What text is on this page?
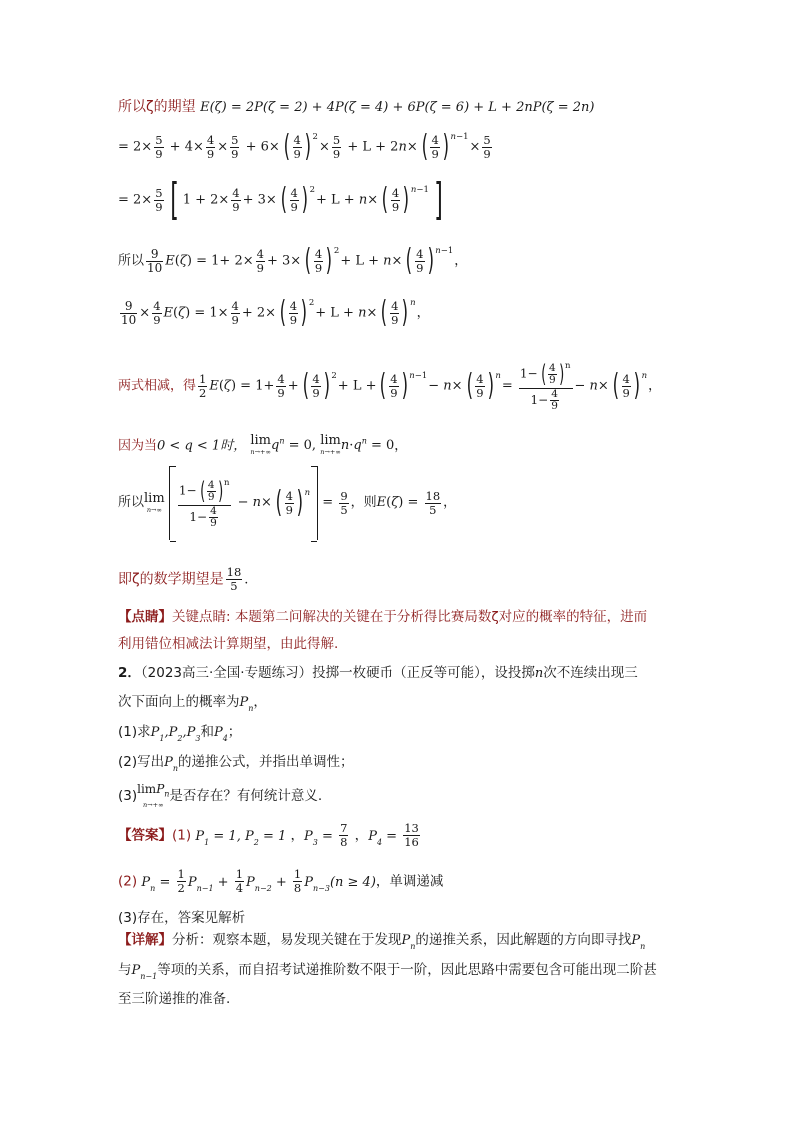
所以ζ的期望 E(ζ) = 2P(ζ = 2) + 4P(ζ = 4) + 6P(ζ = 6) + L + 2nP(ζ = 2n)
= $2\times \frac{5}{9} + 4\times \frac{4}{9} \times \frac{5}{9} + 6\times$ ( $\frac{4}{9}$ ) $^2\times \frac{5}{9} + L + 2n\times$ ( $\frac{4}{9}$ ) $^{n-1}\times \frac{5}{9}$
= $2\times \frac{5}{9}$ [ $1 + 2\times \frac{4}{9} + 3\times$ ( $\frac{4}{9}$ ) $^2$+ L + n× ( $\frac{4}{9}$ ) $^{n-1}$ ]
所以 $\frac{9}{10} E(\zeta) = 1+ 2\times \frac{4}{9} + 3\times$ ( $\frac{4}{9}$ ) $^2$+ L + n× ( $\frac{4}{9}$ ) $^{n-1}$，
$\frac{9}{10} \times \frac{4}{9} E(\zeta) = 1\times \frac{4}{9} + 2\times$ ( $\frac{4}{9}$ ) $^2$+ L + n× ( $\frac{4}{9}$ ) $^n$，
两式相减，得 $\frac{1}{2} E(\zeta) = 1+ \frac{4}{9}$ + ( $\frac{4}{9}$ ) $^2$+ L + ( $\frac{4}{9}$ ) $^{n-1}$− n× ( $\frac{4}{9}$ ) $^n= \frac{1- ( \frac{4}{9} )^n}{1- \frac{4}{9}} - n\times$ ( $\frac{4}{9}$ ) $^n$，
因为当0 < q < 1时， lim
n→+∞ $q^n = 0$, lim
n→+∞ $n\cdot q^n = 0$，
所以 lim
n→∞
$\frac{1- ( \frac{4}{9} )^n}{1- \frac{4}{9}} - n\times$ ( $\frac{4}{9}$ ) $^n$
= $\frac{9}{5}$ ，则$E(\zeta) = \frac{18}{5}$ ，
即ζ的数学期望是 $\frac{18}{5}$ .
【点睛】关键点睛: 本题第二问解决的关键在于分析得比赛局数ζ对应的概率的特征，进而
利用错位相减法计算期望，由此得解.
2．（2023高三·全国·专题练习）投掷一枚硬币（正反等可能），设投掷n次不连续出现三
次下面向上的概率为$P_n$，
(1)求$P_1,P_2,P_3$和$P_4$；
(2)写出$P_n$的递推公式，并指出单调性；
(3) limP$_n$
n→+∞
是否存在？有何统计意义.
【答案】(1) $P_1 = 1$, $P_2 = 1$ ，$P_3 = \frac{7}{8}$ ，$P_4 = \frac{13}{16}$
(2) $P_n = \frac{1}{2} P_{n-1} + \frac{1}{4} P_{n-2} + \frac{1}{8} P_{n-3}(n \ge 4)$，单调递减
(3)存在，答案见解析
【详解】分析：观察本题，易发现关键在于发现$P_n$的递推关系，因此解题的方向即寻找$P_n$
与$P_{n-1}$等项的关系，而自招考试递推阶数不限于一阶，因此思路中需要包含可能出现二阶甚
至三阶递推的准备.
